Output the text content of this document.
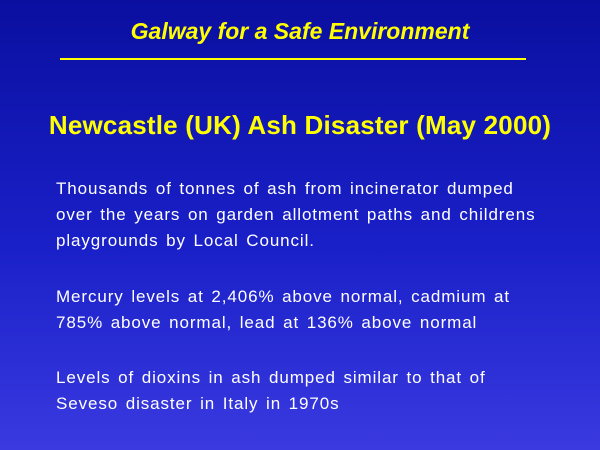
Galway for a Safe Environment
Newcastle (UK) Ash Disaster (May 2000)
Thousands of tonnes of ash from incinerator dumped
over the years on garden allotment paths and childrens
playgrounds by Local Council.
Mercury levels at 2,406% above normal, cadmium at
785% above normal, lead at 136% above normal
Levels of dioxins in ash dumped similar to that of
Seveso disaster in Italy in 1970s
